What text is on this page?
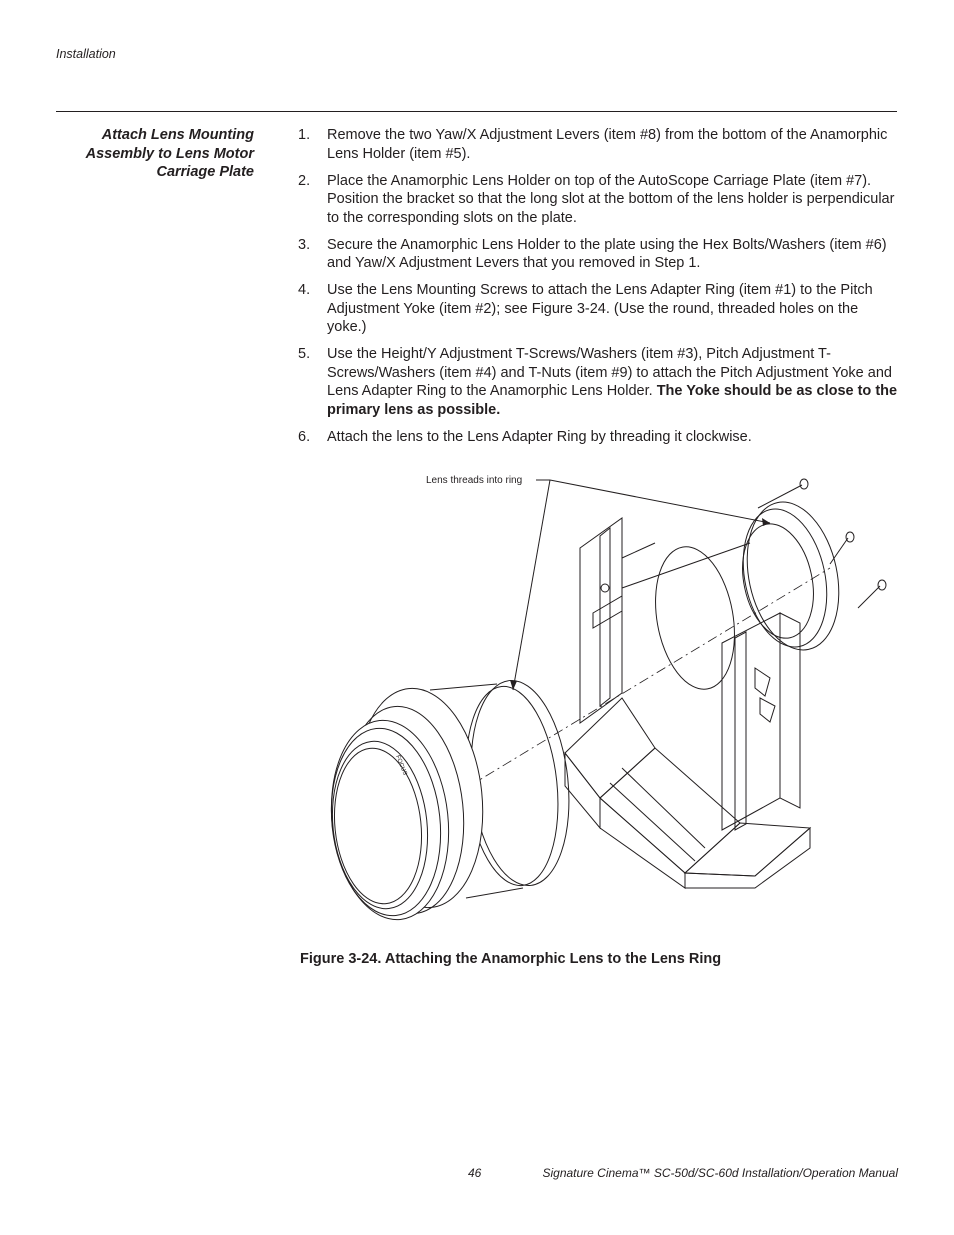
Installation
Attach Lens Mounting Assembly to Lens Motor Carriage Plate
1. Remove the two Yaw/X Adjustment Levers (item #8) from the bottom of the Anamorphic Lens Holder (item #5).
2. Place the Anamorphic Lens Holder on top of the AutoScope Carriage Plate (item #7). Position the bracket so that the long slot at the bottom of the lens holder is perpendicular to the corresponding slots on the plate.
3. Secure the Anamorphic Lens Holder to the plate using the Hex Bolts/Washers (item #6) and Yaw/X Adjustment Levers that you removed in Step 1.
4. Use the Lens Mounting Screws to attach the Lens Adapter Ring (item #1) to the Pitch Adjustment Yoke (item #2); see Figure 3-24. (Use the round, threaded holes on the yoke.)
5. Use the Height/Y Adjustment T-Screws/Washers (item #3), Pitch Adjustment T-Screws/Washers (item #4) and T-Nuts (item #9) to attach the Pitch Adjustment Yoke and Lens Adapter Ring to the Anamorphic Lens Holder. The Yoke should be as close to the primary lens as possible.
6. Attach the lens to the Lens Adapter Ring by threading it clockwise.
Lens threads into ring
FOCUS

Figure 3-24. Attaching the Anamorphic Lens to the Lens Ring

46	Signature Cinema™ SC-50d/SC-60d Installation/Operation Manual
